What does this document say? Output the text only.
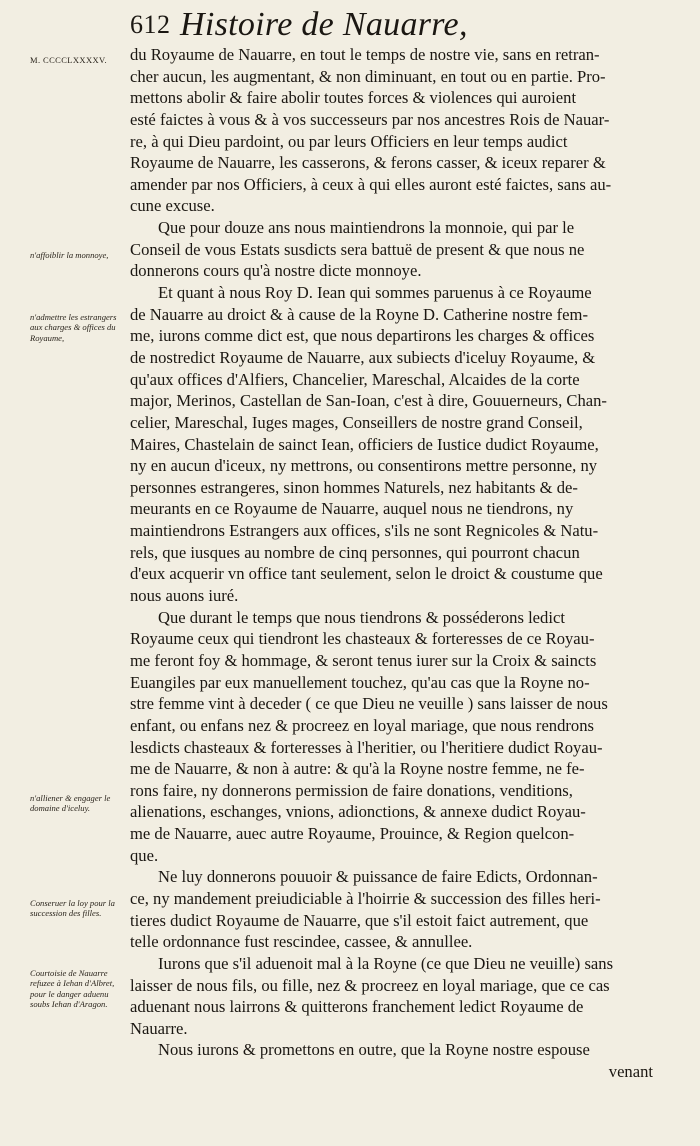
612 Histoire de Nauarre,
M. CCCCLXXXXV.
n'affoiblir la monnoye,
n'admettre les estrangers aux charges & offices du Royaume,
n'alliener & engager le domaine d'iceluy.
Conseruer la loy pour la succession des filles.
Courtoisie de Nauarre refuzee à Iehan d'Albret, pour le danger aduenu soubs Iehan d'Aragon.
du Royaume de Nauarre, en tout le temps de nostre vie, sans en retran-
cher aucun, les augmentant, & non diminuant, en tout ou en partie. Pro-
mettons abolir & faire abolir toutes forces & violences qui auroient
esté faictes à vous & à vos successeurs par nos ancestres Rois de Nauar-
re, à qui Dieu pardoint, ou par leurs Officiers en leur temps audict
Royaume de Nauarre, les casserons, & ferons casser, & iceux reparer &
amender par nos Officiers, à ceux à qui elles auront esté faictes, sans au-
cune excuse.
Que pour douze ans nous maintiendrons la monnoie, qui par le
Conseil de vous Estats susdicts sera battuë de present & que nous ne
donnerons cours qu'à nostre dicte monnoye.
Et quant à nous Roy D. Iean qui sommes paruenus à ce Royaume
de Nauarre au droict & à cause de la Royne D. Catherine nostre fem-
me, iurons comme dict est, que nous departirons les charges & offices
de nostredict Royaume de Nauarre, aux subiects d'iceluy Royaume, &
qu'aux offices d'Alfiers, Chancelier, Mareschal, Alcaides de la corte
major, Merinos, Castellan de San-Ioan, c'est à dire, Gouuerneurs, Chan-
celier, Mareschal, Iuges mages, Conseillers de nostre grand Conseil,
Maires, Chastelain de sainct Iean, officiers de Iustice dudict Royaume,
ny en aucun d'iceux, ny mettrons, ou consentirons mettre personne, ny
personnes estrangeres, sinon hommes Naturels, nez habitants & de-
meurants en ce Royaume de Nauarre, auquel nous ne tiendrons, ny
maintiendrons Estrangers aux offices, s'ils ne sont Regnicoles & Natu-
rels, que iusques au nombre de cinq personnes, qui pourront chacun
d'eux acquerir vn office tant seulement, selon le droict & coustume que
nous auons iuré.
Que durant le temps que nous tiendrons & posséderons ledict
Royaume ceux qui tiendront les chasteaux & forteresses de ce Royau-
me feront foy & hommage, & seront tenus iurer sur la Croix & saincts
Euangiles par eux manuellement touchez, qu'au cas que la Royne no-
stre femme vint à deceder ( ce que Dieu ne veuille ) sans laisser de nous
enfant, ou enfans nez & procreez en loyal mariage, que nous rendrons
lesdicts chasteaux & forteresses à l'heritier, ou l'heritiere dudict Royau-
me de Nauarre, & non à autre: & qu'à la Royne nostre femme, ne fe-
rons faire, ny donnerons permission de faire donations, venditions,
alienations, eschanges, vnions, adionctions, & annexe dudict Royau-
me de Nauarre, auec autre Royaume, Prouince, & Region quelcon-
que.
Ne luy donnerons pouuoir & puissance de faire Edicts, Ordonnan-
ce, ny mandement preiudiciable à l'hoirrie & succession des filles heri-
tieres dudict Royaume de Nauarre, que s'il estoit faict autrement, que
telle ordonnance fust rescindee, cassee, & annullee.
Iurons que s'il aduenoit mal à la Royne (ce que Dieu ne veuille) sans
laisser de nous fils, ou fille, nez & procreez en loyal mariage, que ce cas
aduenant nous lairrons & quitterons franchement ledict Royaume de
Nauarre.
Nous iurons & promettons en outre, que la Royne nostre espouse
venant
